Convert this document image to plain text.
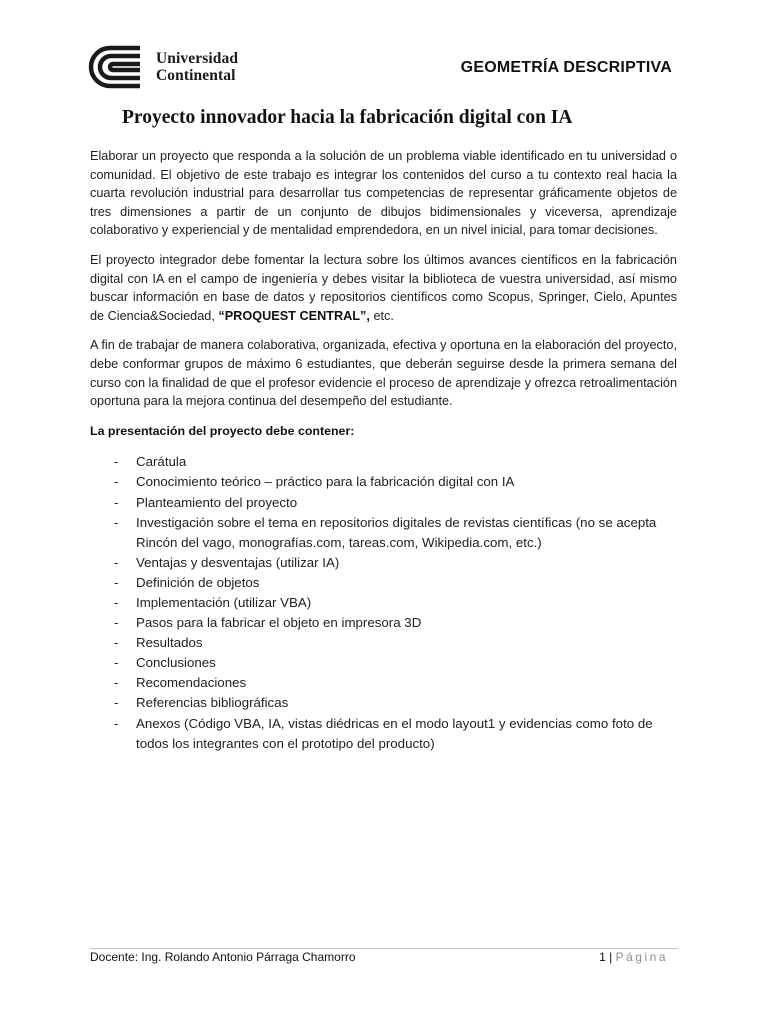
Universidad
Continental	GEOMETRÍA DESCRIPTIVA
Proyecto innovador hacia la fabricación digital con IA

Elaborar un proyecto que responda a la solución de un problema viable identificado en tu universidad o comunidad. El objetivo de este trabajo es integrar los contenidos del curso a tu contexto real hacia la cuarta revolución industrial para desarrollar tus competencias de representar gráficamente objetos de tres dimensiones a partir de un conjunto de dibujos bidimensionales y viceversa, aprendizaje colaborativo y experiencial y de mentalidad emprendedora, en un nivel inicial, para tomar decisiones.

El proyecto integrador debe fomentar la lectura sobre los últimos avances científicos en la fabricación digital con IA en el campo de ingeniería y debes visitar la biblioteca de vuestra universidad, así mismo buscar información en base de datos y repositorios científicos como Scopus, Springer, Cielo, Apuntes de Ciencia&Sociedad, “PROQUEST CENTRAL”, etc.

A fin de trabajar de manera colaborativa, organizada, efectiva y oportuna en la elaboración del proyecto, debe conformar grupos de máximo 6 estudiantes, que deberán seguirse desde la primera semana del curso con la finalidad de que el profesor evidencie el proceso de aprendizaje y ofrezca retroalimentación oportuna para la mejora continua del desempeño del estudiante.

La presentación del proyecto debe contener:
- Carátula
- Conocimiento teórico – práctico para la fabricación digital con IA
- Planteamiento del proyecto
- Investigación sobre el tema en repositorios digitales de revistas científicas (no se acepta Rincón del vago, monografías.com, tareas.com, Wikipedia.com, etc.)
- Ventajas y desventajas (utilizar IA)
- Definición de objetos
- Implementación (utilizar VBA)
- Pasos para la fabricar el objeto en impresora 3D
- Resultados
- Conclusiones
- Recomendaciones
- Referencias bibliográficas
- Anexos (Código VBA, IA, vistas diédricas en el modo layout1 y evidencias como foto de todos los integrantes con el prototipo del producto)
Docente: Ing. Rolando Antonio Párraga Chamorro	1 | Página
